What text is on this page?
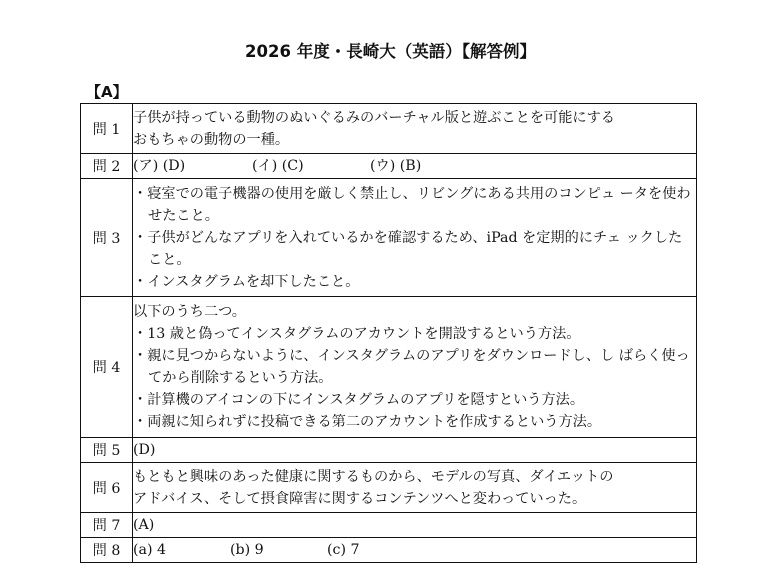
2026 年度・長崎大（英語）【解答例】
【A】
問 1	子供が持っている動物のぬいぐるみのバーチャル版と遊ぶことを可能にする
おもちゃの動物の一種。

問 2	(ア) (D) (イ) (C) (ウ) (B)
問 3	・寝室での電子機器の使用を厳しく禁止し、リビングにある共用のコンピュ ータを使わせたこと。
・子供がどんなアプリを入れているかを確認するため、iPad を定期的にチェ ックしたこと。
・インスタグラムを却下したこと。

問 4	以下のうち二つ。
・13 歳と偽ってインスタグラムのアカウントを開設するという方法。
・親に見つからないように、インスタグラムのアプリをダウンロードし、し ばらく使ってから削除するという方法。
・計算機のアイコンの下にインスタグラムのアプリを隠すという方法。
・両親に知られずに投稿できる第二のアカウントを作成するという方法。

問 5	(D)
問 6	もともと興味のあった健康に関するものから、モデルの写真、ダイエットの
アドバイス、そして摂食障害に関するコンテンツへと変わっていった。

問 7	(A)
問 8	(a) 4 (b) 9 (c) 7
